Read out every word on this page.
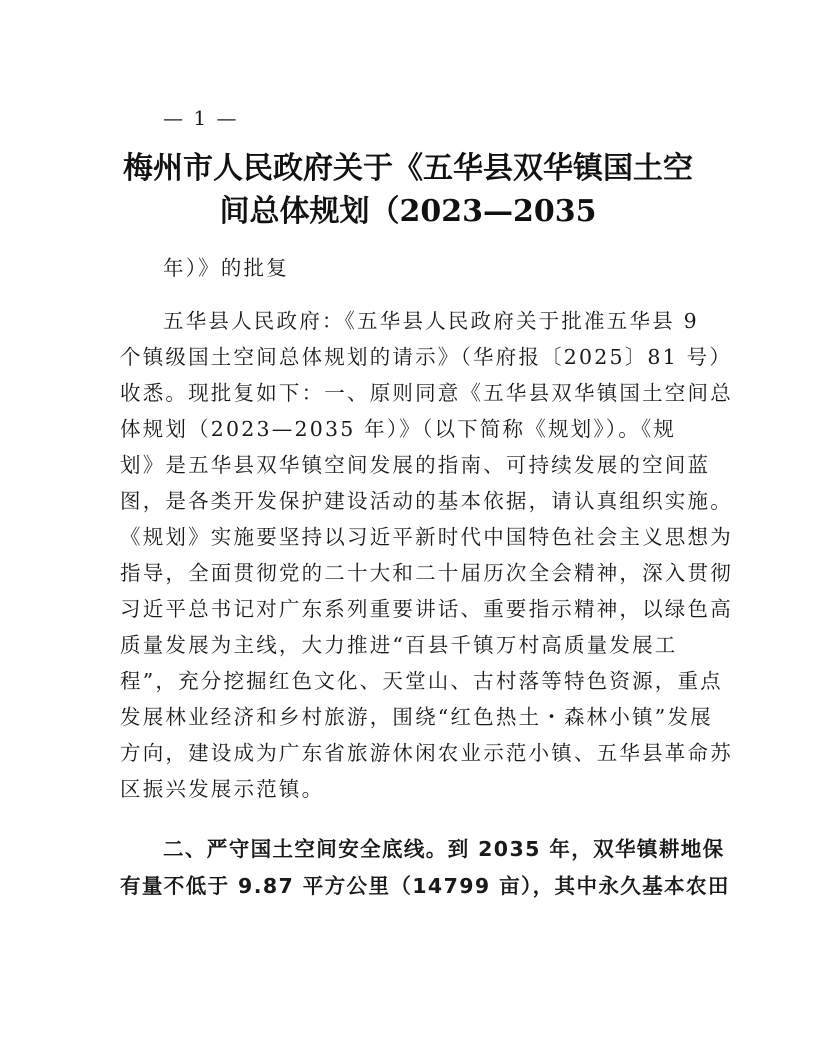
— 1 —
梅州市人民政府关于《五华县双华镇国土空
间总体规划（2023—2035
年）》的批复
五华县人民政府：《五华县人民政府关于批准五华县 9
个镇级国土空间总体规划的请示》（华府报〔2025〕81 号）
收悉。现批复如下：一、原则同意《五华县双华镇国土空间总
体规划（2023—2035 年）》（以下简称《规划》）。《规
划》是五华县双华镇空间发展的指南、可持续发展的空间蓝
图，是各类开发保护建设活动的基本依据，请认真组织实施。
《规划》实施要坚持以习近平新时代中国特色社会主义思想为
指导，全面贯彻党的二十大和二十届历次全会精神，深入贯彻
习近平总书记对广东系列重要讲话、重要指示精神，以绿色高
质量发展为主线，大力推进“百县千镇万村高质量发展工
程”，充分挖掘红色文化、天堂山、古村落等特色资源，重点
发展林业经济和乡村旅游，围绕“红色热土・森林小镇”发展
方向，建设成为广东省旅游休闲农业示范小镇、五华县革命苏
区振兴发展示范镇。
二、严守国土空间安全底线。到 2035 年，双华镇耕地保
有量不低于 9.87 平方公里（14799 亩），其中永久基本农田
